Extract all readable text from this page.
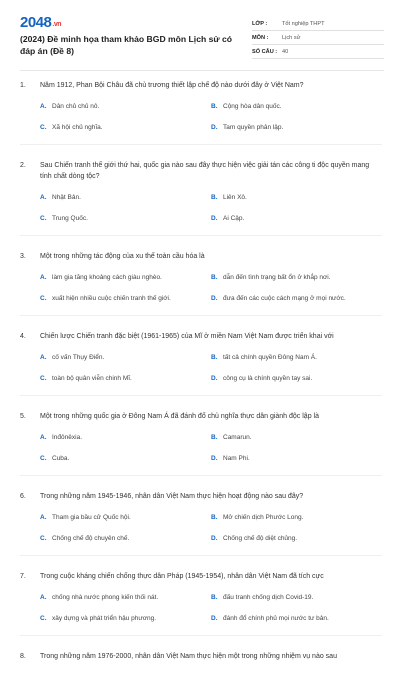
2048.vn
(2024) Đề minh họa tham khảo BGD môn Lịch sử có đáp án (Đề 8)
LỚP :	Tốt nghiệp THPT
MÔN :	Lịch sử
SỐ CÂU : 40
1.	Năm 1912, Phan Bội Châu đã chủ trương thiết lập chế độ nào dưới đây ở Việt Nam?
A. Dân chủ chủ nô.	B. Cộng hòa dân quốc.
C. Xã hội chủ nghĩa.	D. Tam quyền phân lập.
2.	Sau Chiến tranh thế giới thứ hai, quốc gia nào sau đây thực hiện việc giải tán các công ti độc quyền mang tính chất dòng tộc?
A. Nhật Bản.	B. Liên Xô.
C. Trung Quốc.	D. Ai Cập.
3.	Một trong những tác động của xu thế toàn cầu hóa là
A. làm gia tăng khoảng cách giàu nghèo.	B. dẫn đến tình trạng bất ổn ở khắp nơi.
C. xuất hiện nhiều cuộc chiến tranh thế giới.	D. đưa đến các cuộc cách mạng ở mọi nước.
4.	Chiến lược Chiến tranh đặc biệt (1961-1965) của Mĩ ở miền Nam Việt Nam được triển khai với
A. cố vấn Thụy Điển.	B. tất cả chính quyền Đông Nam Á.
C. toàn bộ quân viễn chinh Mĩ.	D. công cụ là chính quyền tay sai.
5.	Một trong những quốc gia ở Đông Nam Á đã đánh đổ chủ nghĩa thực dân giành độc lập là
A. Inđônêxia.	B. Camarun.
C. Cuba.	D. Nam Phi.
6.	Trong những năm 1945-1946, nhân dân Việt Nam thực hiện hoạt động nào sau đây?
A. Tham gia bầu cử Quốc hội.	B. Mở chiến dịch Phước Long.
C. Chống chế độ chuyên chế.	D. Chống chế độ diệt chủng.
7.	Trong cuộc kháng chiến chống thực dân Pháp (1945-1954), nhân dân Việt Nam đã tích cực
A. chống nhà nước phong kiến thối nát.	B. đấu tranh chống dịch Covid-19.
C. xây dựng và phát triển hậu phương.	D. đánh đổ chính phủ mọi nước tư bản.
8.	Trong những năm 1976-2000, nhân dân Việt Nam thực hiện một trong những nhiệm vụ nào sau
